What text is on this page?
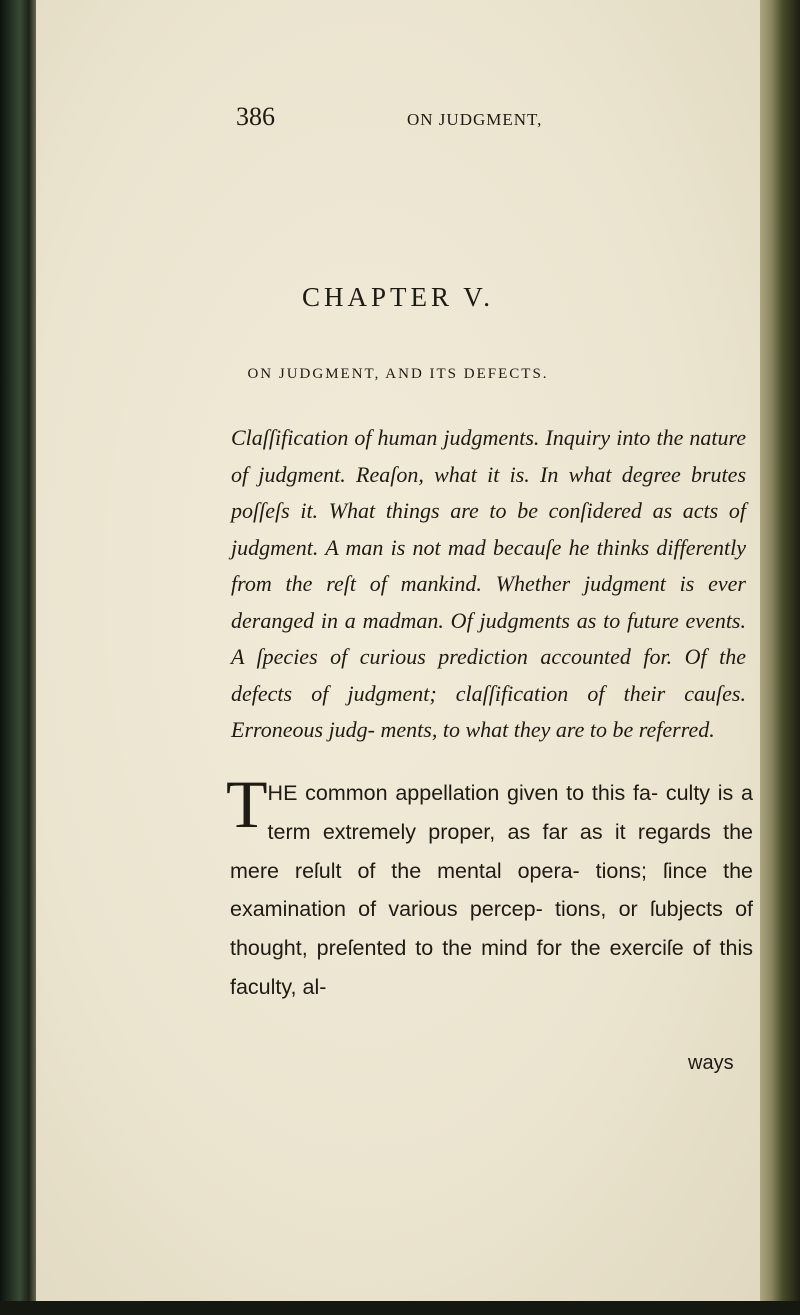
386	ON JUDGMENT,
CHAPTER V.
ON JUDGMENT, AND ITS DEFECTS.
Claſſification of human judgments. Inquiry into the nature of judgment. Reaſon, what it is. In what degree brutes poſſeſs it. What things are to be conſidered as acts of judgment. A man is not mad becauſe he thinks differently from the reſt of mankind. Whether judgment is ever deranged in a madman. Of judgments as to future events. A ſpecies of curious prediction accounted for. Of the defects of judgment; claſſification of their cauſes. Erroneous judg- ments, to what they are to be referred.
THE common appellation given to this fa- culty is a term extremely proper, as far as it regards the mere reſult of the mental opera- tions; ſince the examination of various percep- tions, or ſubjects of thought, preſented to the mind for the exerciſe of this faculty, al-
ways
